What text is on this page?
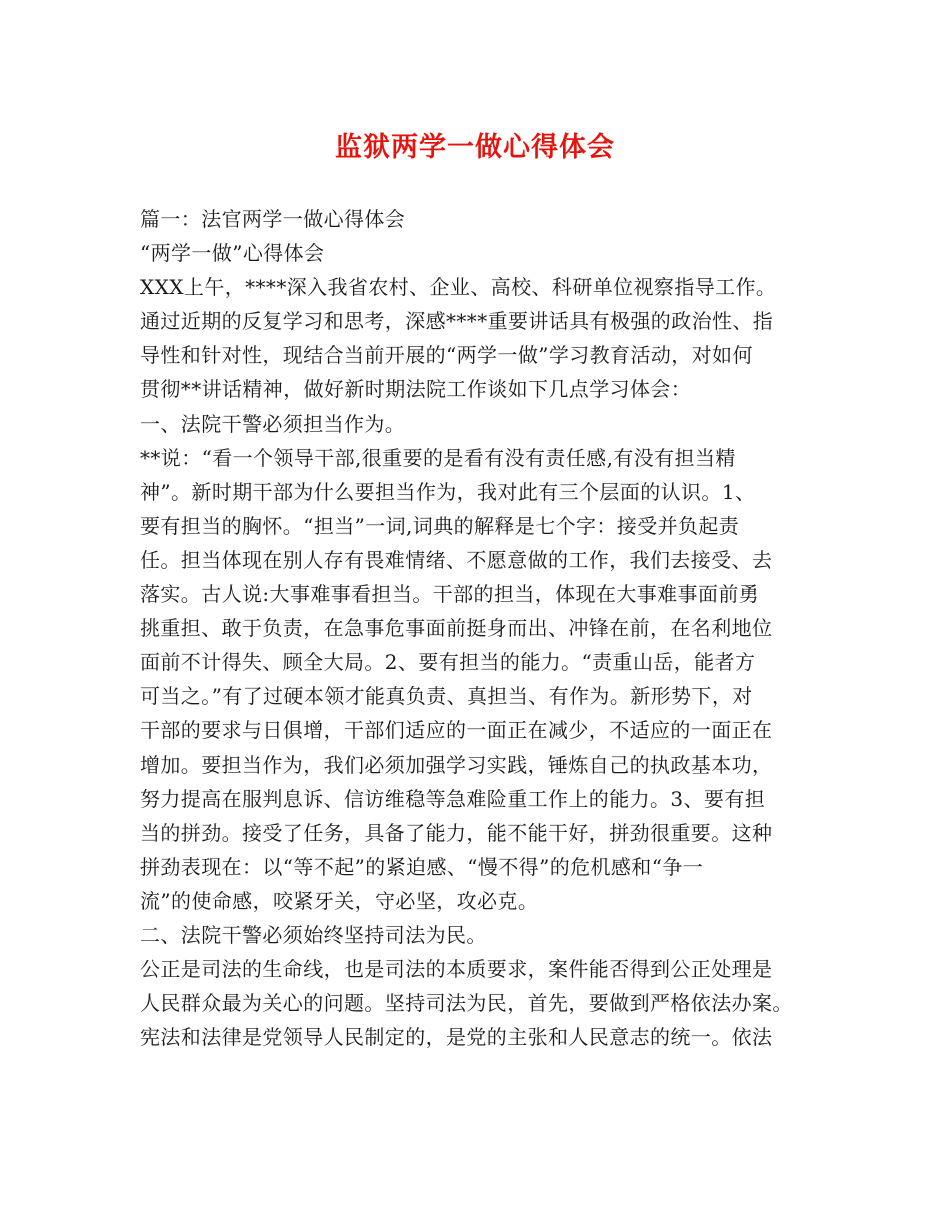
监狱两学一做心得体会
篇一：法官两学一做心得体会
“两学一做”心得体会
XXX上午，****深入我省农村、企业、高校、科研单位视察指导工作。
通过近期的反复学习和思考，深感****重要讲话具有极强的政治性、指
导性和针对性，现结合当前开展的“两学一做”学习教育活动，对如何
贯彻**讲话精神，做好新时期法院工作谈如下几点学习体会：
一、法院干警必须担当作为。
**说：“看一个领导干部,很重要的是看有没有责任感,有没有担当精
神”。新时期干部为什么要担当作为，我对此有三个层面的认识。1、
要有担当的胸怀。“担当”一词,词典的解释是七个字：接受并负起责
任。担当体现在别人存有畏难情绪、不愿意做的工作，我们去接受、去
落实。古人说:大事难事看担当。干部的担当，体现在大事难事面前勇
挑重担、敢于负责，在急事危事面前挺身而出、冲锋在前，在名利地位
面前不计得失、顾全大局。2、要有担当的能力。“责重山岳，能者方
可当之。”有了过硬本领才能真负责、真担当、有作为。新形势下，对
干部的要求与日俱增，干部们适应的一面正在减少，不适应的一面正在
增加。要担当作为，我们必须加强学习实践，锤炼自己的执政基本功，
努力提高在服判息诉、信访维稳等急难险重工作上的能力。3、要有担
当的拼劲。接受了任务，具备了能力，能不能干好，拼劲很重要。这种
拼劲表现在：以“等不起”的紧迫感、“慢不得”的危机感和“争一
流”的使命感，咬紧牙关，守必坚，攻必克。
二、法院干警必须始终坚持司法为民。
公正是司法的生命线，也是司法的本质要求，案件能否得到公正处理是
人民群众最为关心的问题。坚持司法为民，首先，要做到严格依法办案。
宪法和法律是党领导人民制定的，是党的主张和人民意志的统一。依法
